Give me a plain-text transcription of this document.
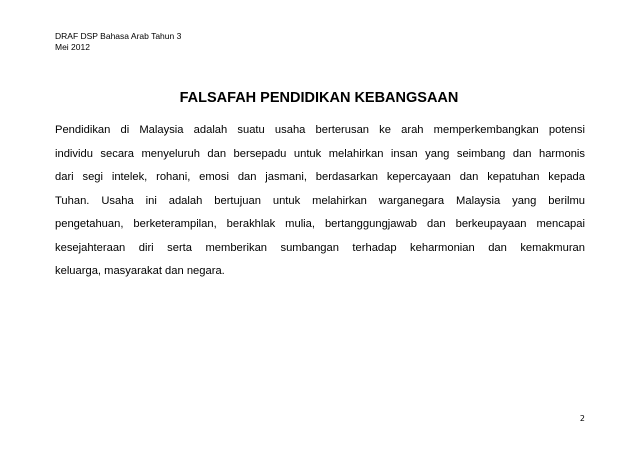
DRAF DSP Bahasa Arab Tahun 3
Mei 2012
FALSAFAH PENDIDIKAN KEBANGSAAN
Pendidikan di Malaysia adalah suatu usaha berterusan ke arah memperkembangkan potensi
individu secara menyeluruh dan bersepadu untuk melahirkan insan yang seimbang dan harmonis
dari segi intelek, rohani, emosi dan jasmani, berdasarkan kepercayaan dan kepatuhan kepada
Tuhan. Usaha ini adalah bertujuan untuk melahirkan warganegara Malaysia yang berilmu
pengetahuan, berketerampilan, berakhlak mulia, bertanggungjawab dan berkeupayaan mencapai
kesejahteraan diri serta memberikan sumbangan terhadap keharmonian dan kemakmuran
keluarga, masyarakat dan negara.
2
